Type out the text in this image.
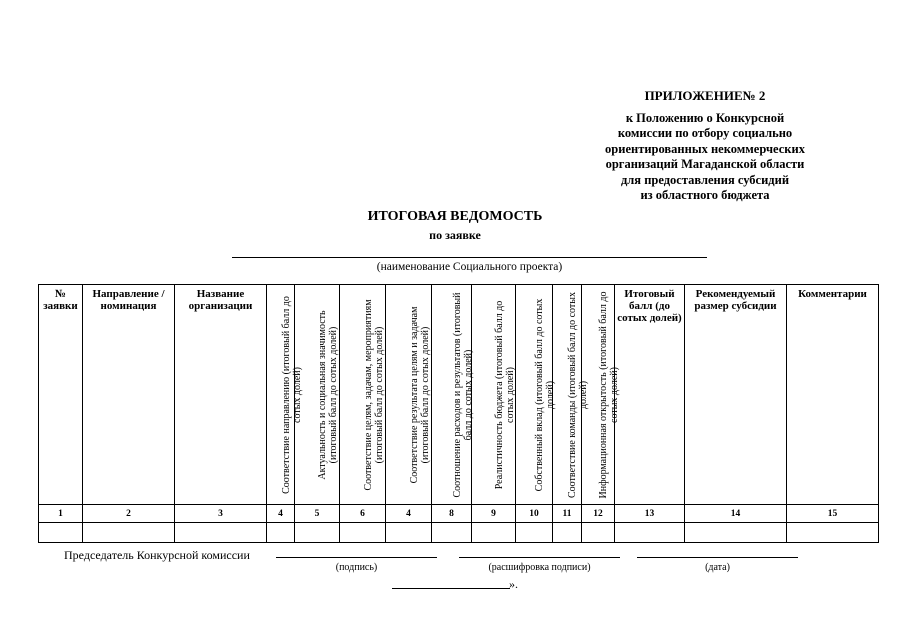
ПРИЛОЖЕНИЕ№ 2
к Положению о Конкурсной
комиссии по отбору социально
ориентированных некоммерческих
организаций Магаданской области
для предоставления субсидий
из областного бюджета
ИТОГОВАЯ ВЕДОМОСТЬ
по заявке
(наименование Социального проекта)
№ заявки	Направление / номинация	Название организации	Соответствие направлению (итоговый балл до сотых долей)	Актуальность и социальная значимость (итоговый балл до сотых долей)	Соответствие целям, задачам, мероприятиям (итоговый балл до сотых долей)	Соответствие результата целям и задачам (итоговый балл до сотых долей)	Соотношение расходов и результатов (итоговый балл до сотых долей)	Реалистичность бюджета (итоговый балл до сотых долей)	Собственный вклад (итоговый балл до сотых долей)	Соответствие команды (итоговый балл до сотых долей)	Информационная открытость (итоговый балл до сотых долей)	Итоговый балл (до сотых долей)	Рекомендуемый размер субсидии	Комментарии

1	2	3	4	5	6	4	8	9	10	11	12	13	14	15

Председатель Конкурсной комиссии
(подпись)	(расшифровка подписи)	(дата)
».
